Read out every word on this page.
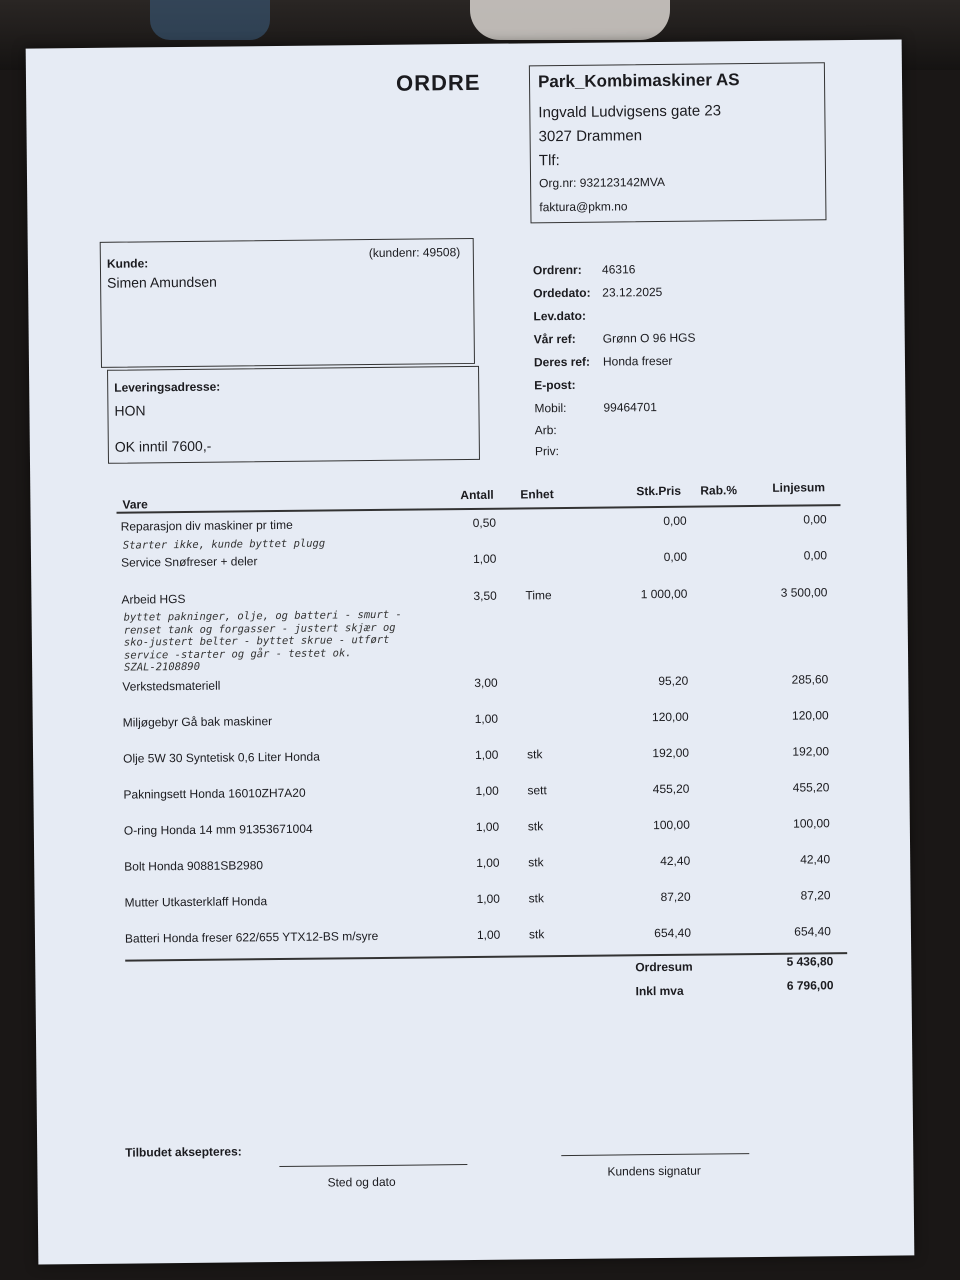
ORDRE	Park_Kombimaskiner AS
Ingvald Ludvigsens gate 23
3027 Drammen
Tlf:
Org.nr: 932123142MVA
faktura@pkm.no
Kunde:
(kundenr: 49508)
Simen Amundsen
Leveringsadresse:
HON
OK inntil 7600,-
Ordrenr: 46316
Ordedato: 23.12.2025
Lev.dato:
Vår ref: Grønn O 96 HGS
Deres ref: Honda freser
E-post:
Mobil:	99464701
Arb:
Priv:
Vare
Antall Enhet	Stk.Pris Rab.%	Linjesum
Reparasjon div maskiner pr time	0,50	0,00	0,00
Starter ikke, kunde byttet plugg
Service Snøfreser + deler	1,00	0,00	0,00
Arbeid HGS	3,50 Time	1 000,00	3 500,00
byttet pakninger, olje, og batteri - smurt -
renset tank og forgasser - justert skjær og
sko-justert belter - byttet skrue - utført
service -starter og går - testet ok.
SZAL-2108890
Verkstedsmateriell	3,00	95,20	285,60
Miljøgebyr Gå bak maskiner	1,00	120,00	120,00
Olje 5W 30 Syntetisk 0,6 Liter Honda	1,00 stk	192,00	192,00
Pakningsett Honda 16010ZH7A20	1,00 sett	455,20	455,20
O-ring Honda 14 mm 91353671004	1,00 stk	100,00	100,00
Bolt Honda 90881SB2980	1,00 stk	42,40	42,40
Mutter Utkasterklaff Honda	1,00 stk	87,20	87,20
Batteri Honda freser 622/655 YTX12-BS m/syre	1,00 stk	654,40	654,40
Ordresum	5 436,80
Inkl mva	6 796,00
Tilbudet aksepteres:
Sted og dato
Kundens signatur
